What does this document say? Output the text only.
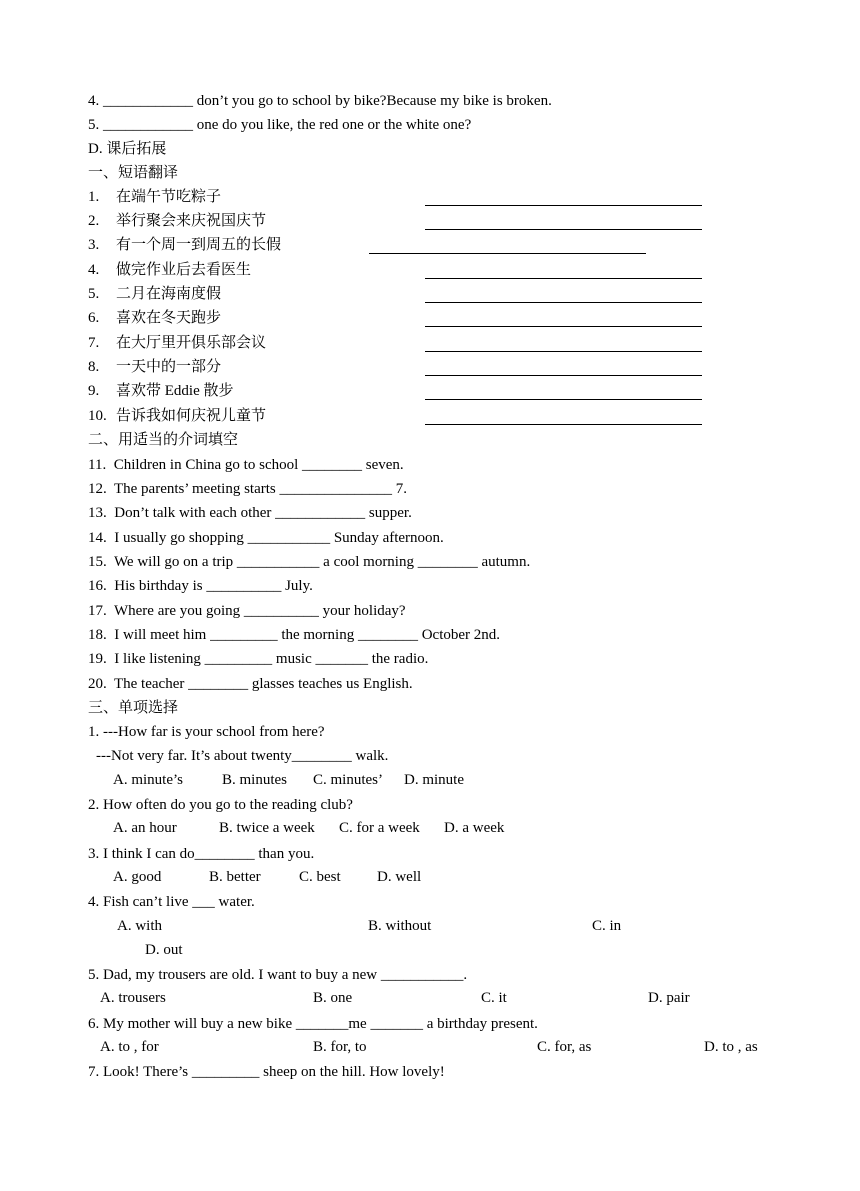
4. ____________ don’t you go to school by bike?Because my bike is broken.
5. ____________ one do you like, the red one or the white one?
D. 课后拓展
一、短语翻译
1. 在端午节吃粽子
2. 举行聚会来庆祝国庆节
3. 有一个周一到周五的长假
4. 做完作业后去看医生
5. 二月在海南度假
6. 喜欢在冬天跑步
7. 在大厅里开俱乐部会议
8. 一天中的一部分
9. 喜欢带 Eddie 散步
10. 告诉我如何庆祝儿童节
二、用适当的介词填空
11.  Children in China go to school ________ seven.
12.  The parents’ meeting starts _______________ 7.
13.  Don’t talk with each other ____________ supper.
14.  I usually go shopping ___________ Sunday afternoon.
15.  We will go on a trip ___________ a cool morning ________ autumn.
16.  His birthday is __________ July.
17.  Where are you going __________ your holiday?
18.  I will meet him _________ the morning ________ October 2nd.
19.  I like listening _________ music _______ the radio.
20.  The teacher ________ glasses teaches us English.
三、单项选择
1. ---How far is your school from here?
---Not very far. It’s about twenty________ walk.
A. minute’s	B. minutes C. minutes’ D. minute
2. How often do you go to the reading club?
A. an hour	B. twice a week C. for a week D. a week
3. I think I can do________ than you.
A. good	B. better	C. best D. well
4. Fish can’t live ___ water.
A. with	B. without	C. in
D. out
5. Dad, my trousers are old. I want to buy a new ___________.
A. trousers	B. one	C. it	D. pair
6. My mother will buy a new bike _______me _______ a birthday present.
A. to , for	B. for, to	C. for, as	D. to , as
7. Look! There’s _________ sheep on the hill. How lovely!
